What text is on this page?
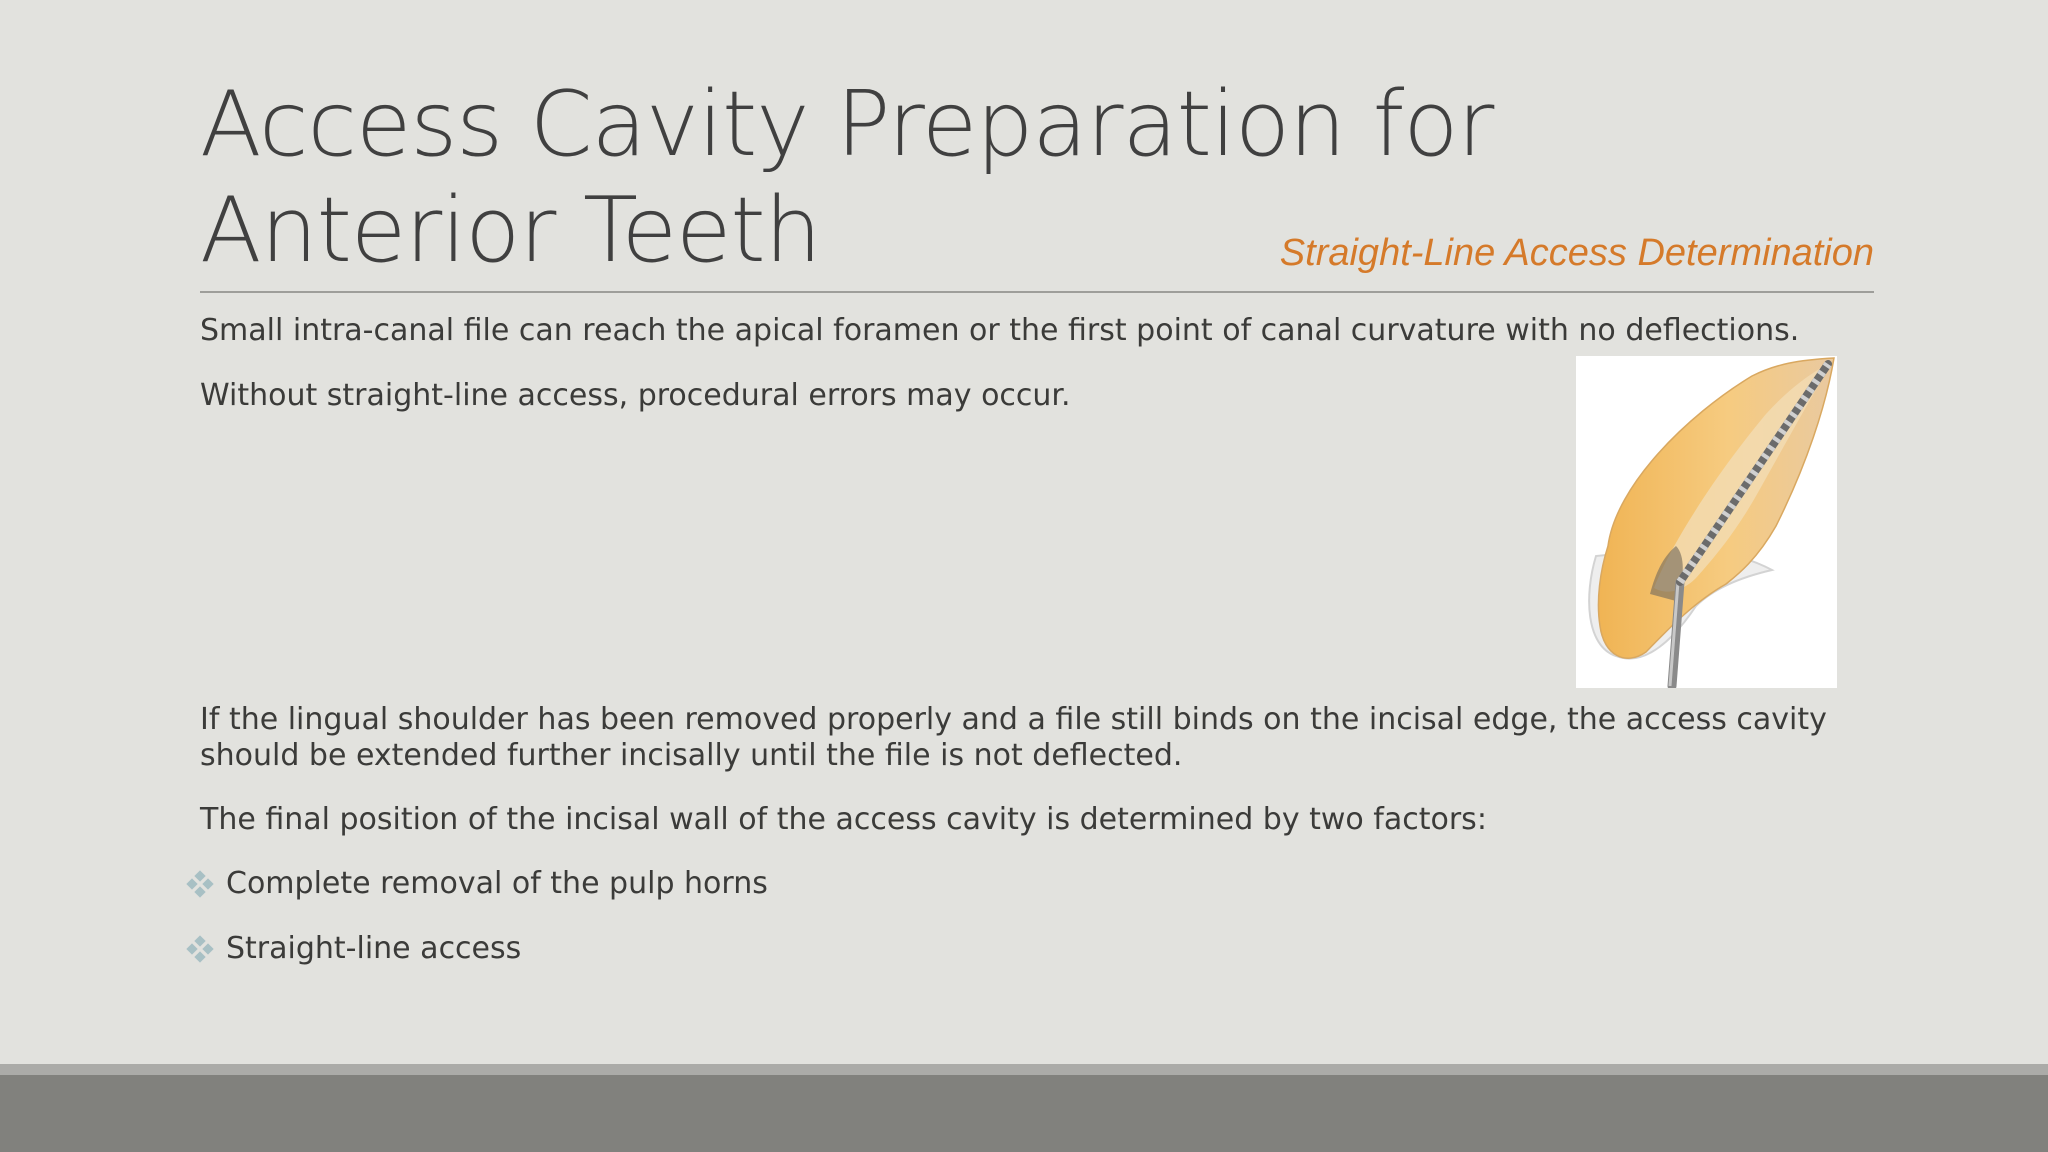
Access Cavity Preparation for Anterior Teeth	Straight-Line Access Determination

Small intra-canal file can reach the apical foramen or the first point of canal curvature with no deflections.

Without straight-line access, procedural errors may occur.

If the lingual shoulder has been removed properly and a file still binds on the incisal edge, the access cavity should be extended further incisally until the file is not deflected.

The final position of the incisal wall of the access cavity is determined by two factors:

Complete removal of the pulp horns
Straight-line access
